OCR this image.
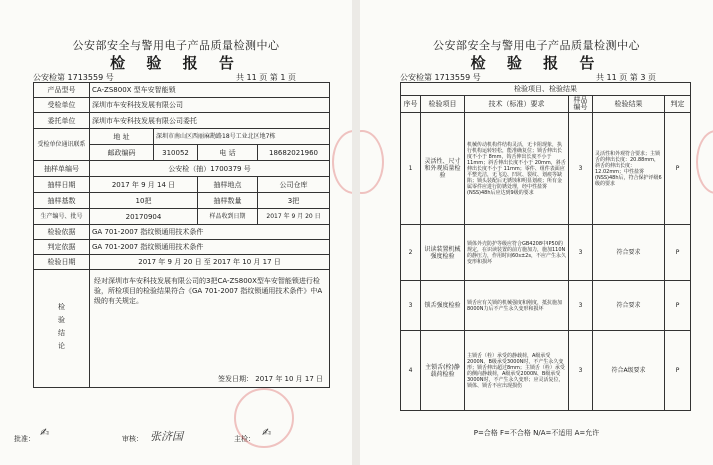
公安部安全与警用电子产品质量检测中心
检 验 报 告
公安检第 1713559 号	共 11 页 第 1 页
产品型号	CA-ZS800X 型车安智能锁			
受检单位	深圳市车安科技发展有限公司			
委托单位	深圳市车安科技发展有限公司委托			
受检单位通讯联系	地 址	深圳市南山区西丽麻勘路18号工业北区地7栋		
	邮政编码	310052	电 话	18682021960
抽样单编号	公安检（抽）1700379 号			
抽样日期	2017 年 9 月 14 日		抽样地点	公司仓库
抽样基数	10把		抽样数量	3把
生产编号、批号	20170904		样品收到日期	2017 年 9 月 20 日
检验依据	GA 701-2007 指纹锁通用技术条件			
判定依据	GA 701-2007 指纹锁通用技术条件			
检验日期	2017 年 9 月 20 日 至 2017 年 10 月 17 日			
检验结论	经对深圳市车安科技发展有限公司的3把CA-ZS800X型车安智能锁进行检验，所检项目的检验结果符合《GA 701-2007 指纹锁通用技术条件》中A级的有关规定。
签发日期： 2017 年 10 月 17 日			
批准： ✍	审核： 张济国	主检： ✍
公安部安全与警用电子产品质量检测中心
检 验 报 告
公安检第 1713559 号	共 11 页 第 3 页
检验项目、检验结果					
序号	检验项目	技术（标准）要求	样品编号	检验结果	判定
1	灵活性、尺寸和外观质量检验	机械传动机构件结构灵活，无卡阻现象，执行机构运转轻松，能准确复位；锁舌伸出长度不小于 8mm，钩舌伸出长度不小于 11mm；斜舌伸出长度不小于 20mm，斜舌伸出长度不小于 11mm；零件、组件表面应平整光洁，无飞边、凹坑、裂纹、划痕等缺陷；锁头装配后无锈蚀和明显划痕；所有金属零件应进行防锈处理，经中性盐雾(NSS)48h后应达到9级的要求	3	灵活性和外观符合要求；主锁舌的伸出长度：20.88mm，斜舌的伸出长度：12.02mm；中性盐雾(NSS)48h后，符合保护评级6级的要求	P
2	识读装置机械强度检验	锁体外壳防护等级应符合GB4208中IP50的规定，在识读装置的前方施加力，施加110N的静压力，作用时间60s±2s，不应产生永久变形和损坏	3	符合要求	P
3	锁舌强度检验	锁舌应有关锁的机械强度和刚度，抵抗施加8000N力后不产生永久变形和损坏	3	符合要求	P
4	主锁舌(栓)静载荷检验	主锁舌（栓）承受的静载荷，A级承受2000N、B级承受3000N时，不产生永久变形；锁舌伸出超过8mm；主锁舌（栓）承受的侧向静载荷，A级承受2000N、B级承受3000N时，不产生永久变形；应灵活复位，锁体、锁舌不应出现损伤	3	符合A级要求	P
P=合格 F=不合格 N/A=不适用 A=允许
